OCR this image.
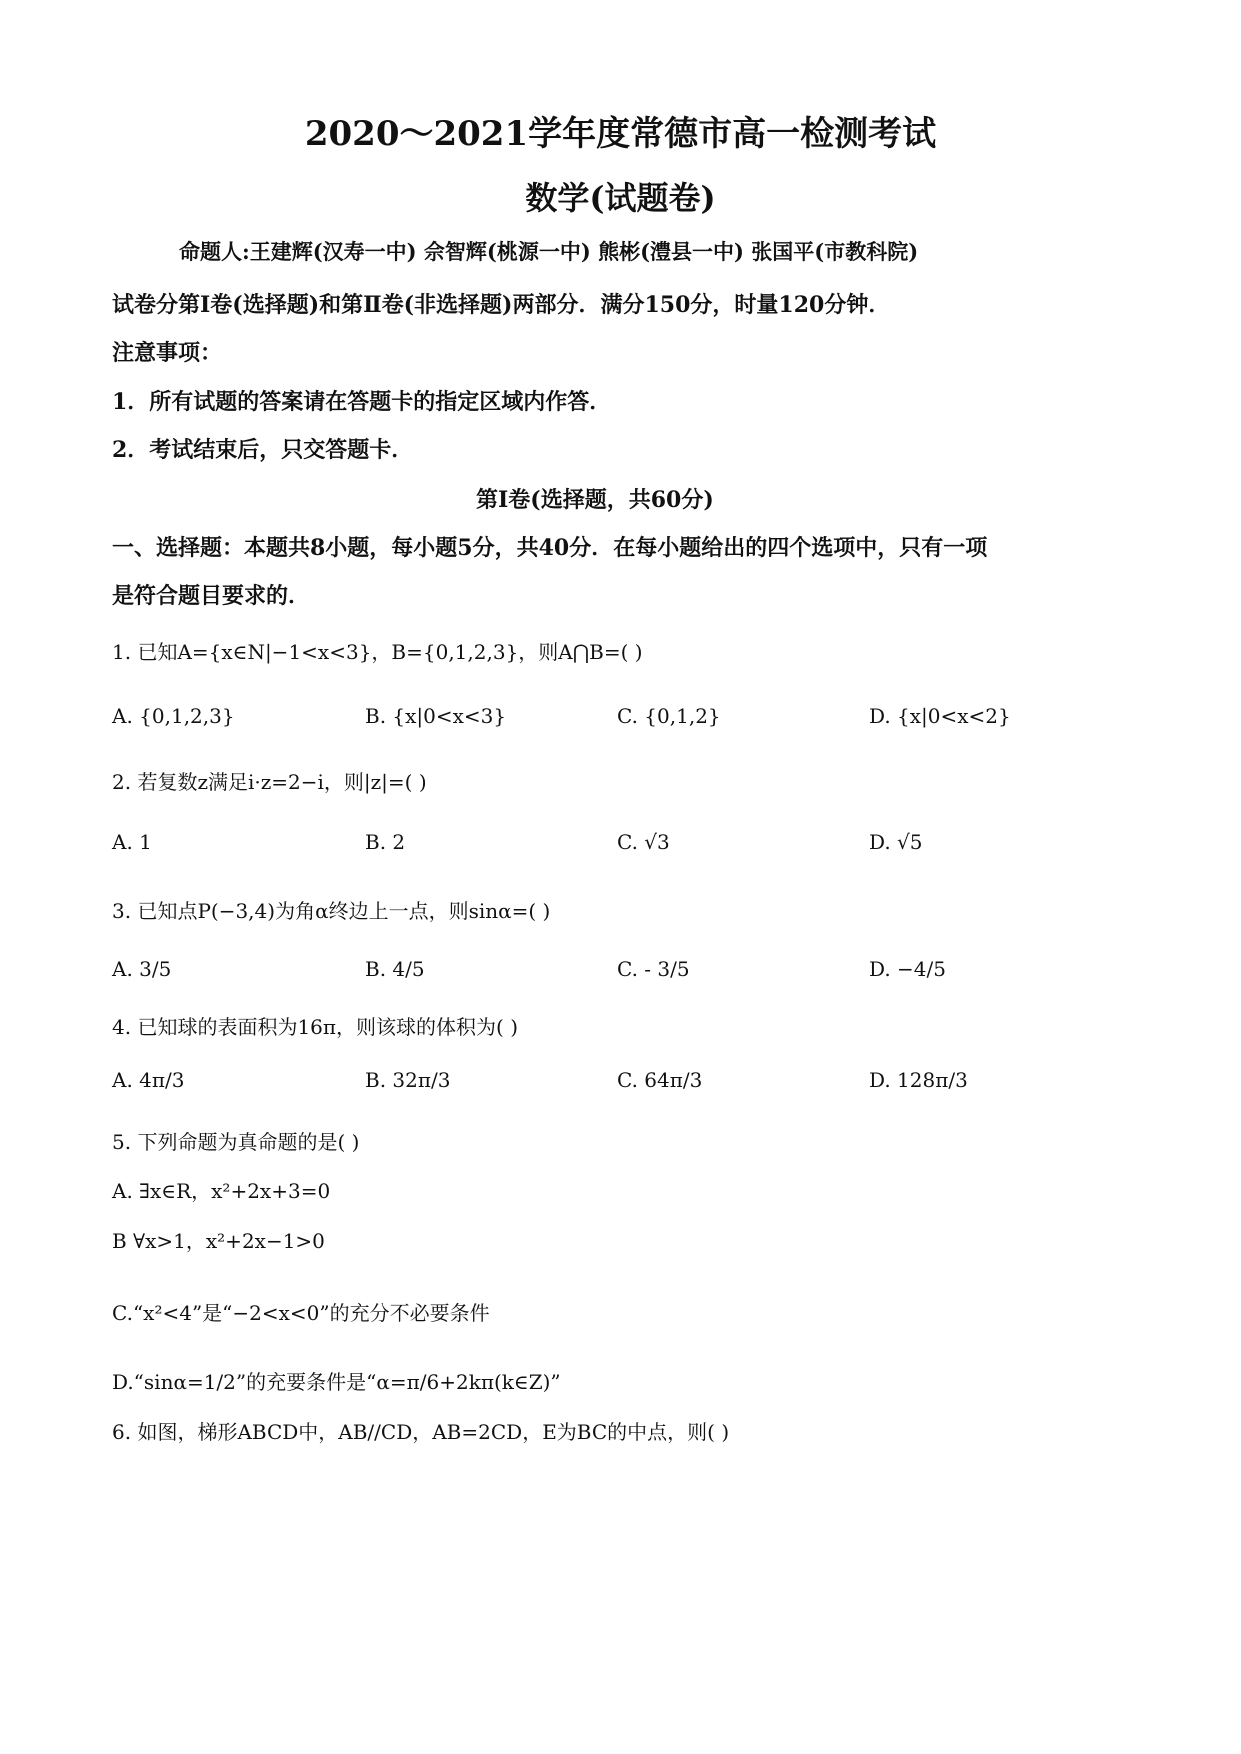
2020～2021学年度常德市高一检测考试
数学(试题卷)
命题人:王建辉(汉寿一中) 佘智辉(桃源一中) 熊彬(澧县一中) 张国平(市教科院)
试卷分第Ⅰ卷(选择题)和第Ⅱ卷(非选择题)两部分．满分150分，时量120分钟．
注意事项：
1．所有试题的答案请在答题卡的指定区域内作答．
2．考试结束后，只交答题卡．
第Ⅰ卷(选择题，共60分)
一、选择题：本题共8小题，每小题5分，共40分．在每小题给出的四个选项中，只有一项
是符合题目要求的．
1. 已知A={x∈N|−1<x<3}，B={0,1,2,3}，则A⋂B=( )
A. {0,1,2,3}	B. {x|0<x<3}	C. {0,1,2}	D. {x|0<x<2}
2. 若复数z满足i·z=2−i，则|z|=( )
A. 1	B. 2	C. √3	D. √5
3. 已知点P(−3,4)为角α终边上一点，则sinα=( )
A. 3/5	B. 4/5	C. - 3/5	D. −4/5
4. 已知球的表面积为16π，则该球的体积为( )
A. 4π/3	B. 32π/3	C. 64π/3	D. 128π/3
5. 下列命题为真命题的是( )
A. ∃x∈R，x²+2x+3=0
B ∀x>1，x²+2x−1>0
C.“x²<4”是“−2<x<0”的充分不必要条件
D.“sinα=1/2”的充要条件是“α=π/6+2kπ(k∈Z)”
6. 如图，梯形ABCD中，AB//CD，AB=2CD，E为BC的中点，则( )
